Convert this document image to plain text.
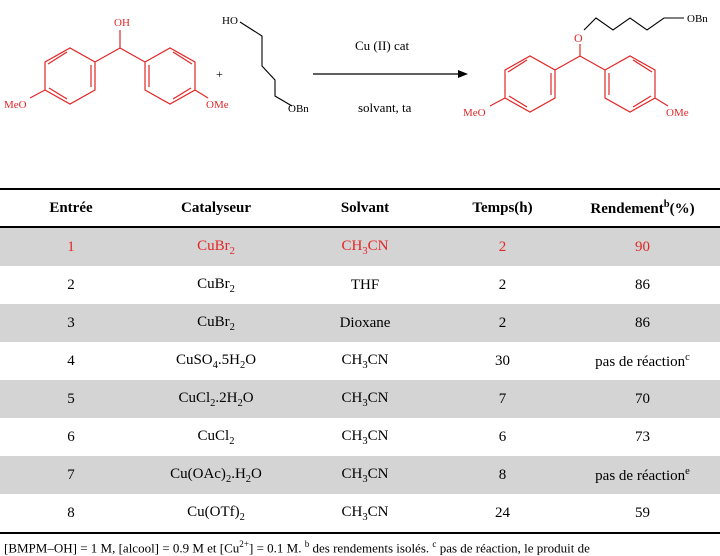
OH
MeO	OMe
+
HO
OBn
Cu (II) cat
solvant, ta
O
OBn
MeO	OMe
Entrée	Catalyseur	Solvant	Temps(h)	Rendement$^b$(%)
1	CuBr$_2$	$CH_3CN$	2	90
2	CuBr$_2$	THF	2	86
3	CuBr$_2$	Dioxane	2	86
4	$CuSO_4.5H_2O$	$CH_3CN$	30	pas de réaction$^c$
5	$CuCl_2.2H_2O$	$CH_3CN$	7	70
6	CuCl$_2$	$CH_3CN$	6	73
7	$Cu(OAc)_2.H_2O$	$CH_3CN$	8	pas de réaction$^e$
8	$Cu(OTf)_2$	$CH_3CN$	24	59
[BMPM–OH] = 1 M, [alcool] = 0.9 M et $[Cu^{2+}] = 0.1$ M. $^b$ des rendements isolés. $^c$ pas de réaction, le produit de
